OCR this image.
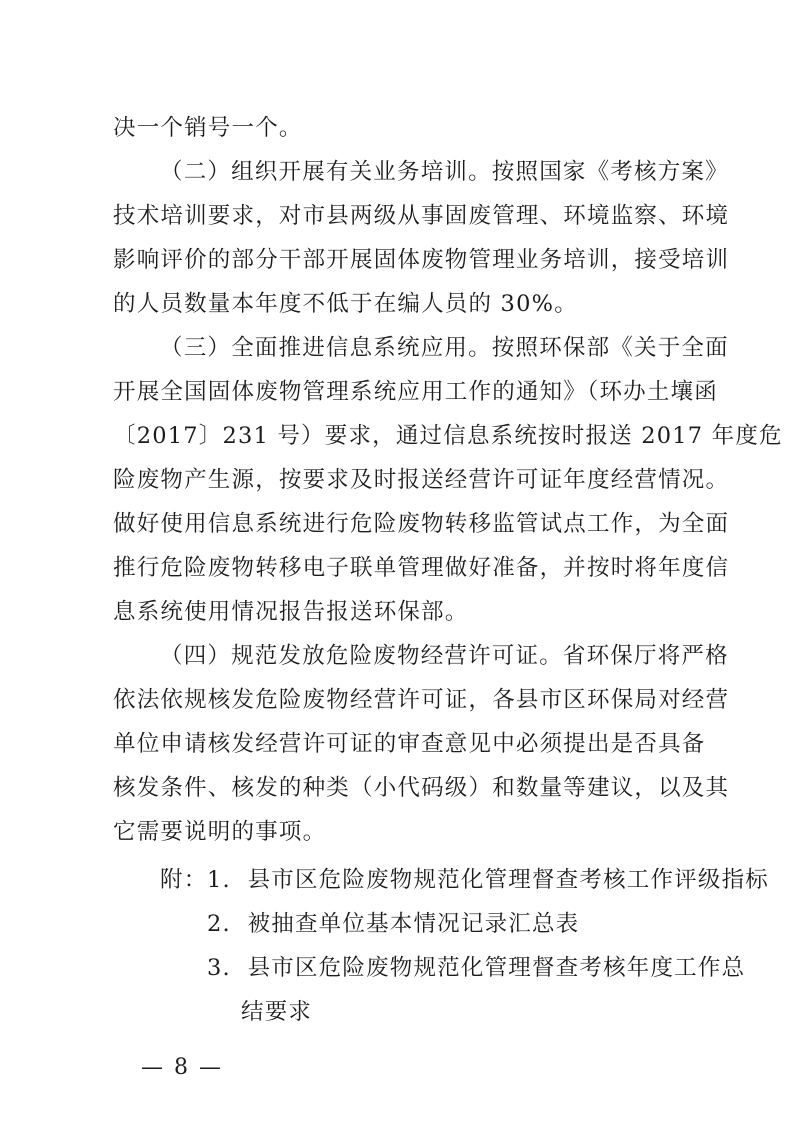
决一个销号一个。
（二）组织开展有关业务培训。按照国家《考核方案》
技术培训要求，对市县两级从事固废管理、环境监察、环境
影响评价的部分干部开展固体废物管理业务培训，接受培训
的人员数量本年度不低于在编人员的 30%。
（三）全面推进信息系统应用。按照环保部《关于全面
开展全国固体废物管理系统应用工作的通知》（环办土壤函
〔2017〕231 号）要求，通过信息系统按时报送 2017 年度危
险废物产生源，按要求及时报送经营许可证年度经营情况。
做好使用信息系统进行危险废物转移监管试点工作，为全面
推行危险废物转移电子联单管理做好准备，并按时将年度信
息系统使用情况报告报送环保部。
（四）规范发放危险废物经营许可证。省环保厅将严格
依法依规核发危险废物经营许可证，各县市区环保局对经营
单位申请核发经营许可证的审查意见中必须提出是否具备
核发条件、核发的种类（小代码级）和数量等建议，以及其
它需要说明的事项。
附： 1.  县市区危险废物规范化管理督查考核工作评级指标
2.  被抽查单位基本情况记录汇总表
3.  县市区危险废物规范化管理督查考核年度工作总
结要求
— 8 —
